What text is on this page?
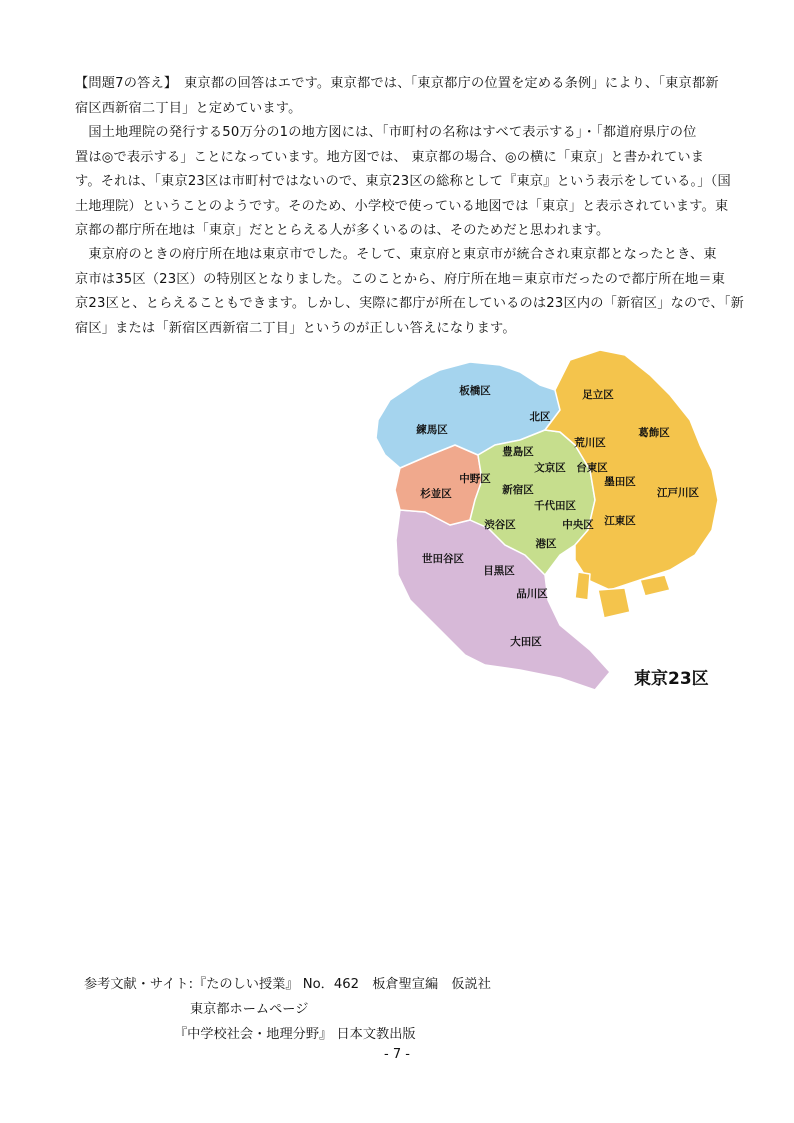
【問題7の答え】　東京都の回答はエです。東京都では、「東京都庁の位置を定める条例」により、「東京都新
宿区西新宿二丁目」と定めています。
　国土地理院の発行する50万分の1の地方図には、「市町村の名称はすべて表示する」・「都道府県庁の位
置は◎で表示する」ことになっています。地方図では、 東京都の場合、◎の横に「東京」と書かれていま
す。それは、「東京23区は市町村ではないので、東京23区の総称として『東京』という表示をしている。」（国
土地理院）ということのようです。そのため、小学校で使っている地図では「東京」と表示されています。東
京都の都庁所在地は「東京」だととらえる人が多くいるのは、そのためだと思われます。
　東京府のときの府庁所在地は東京市でした。そして、東京府と東京市が統合され東京都となったとき、東
京市は35区（23区）の特別区となりました。このことから、府庁所在地＝東京市だったので都庁所在地＝東
京23区と、とらえることもできます。しかし、実際に都庁が所在しているのは23区内の「新宿区」なので、「新
宿区」または「新宿区西新宿二丁目」というのが正しい答えになります。
板橋区
北区
足立区
練馬区
荒川区
葛飾区
豊島区
文京区 台東区
中野区
杉並区	新宿区
墨田区
江戸川区
千代田区
渋谷区	中央区 江東区
港区
世田谷区
目黒区
品川区
大田区
東京23区
参考文献・サイト:『たのしい授業』 No．462　板倉聖宣編　仮説社
東京都ホームページ
『中学校社会・地理分野』 日本文教出版
- 7 -
